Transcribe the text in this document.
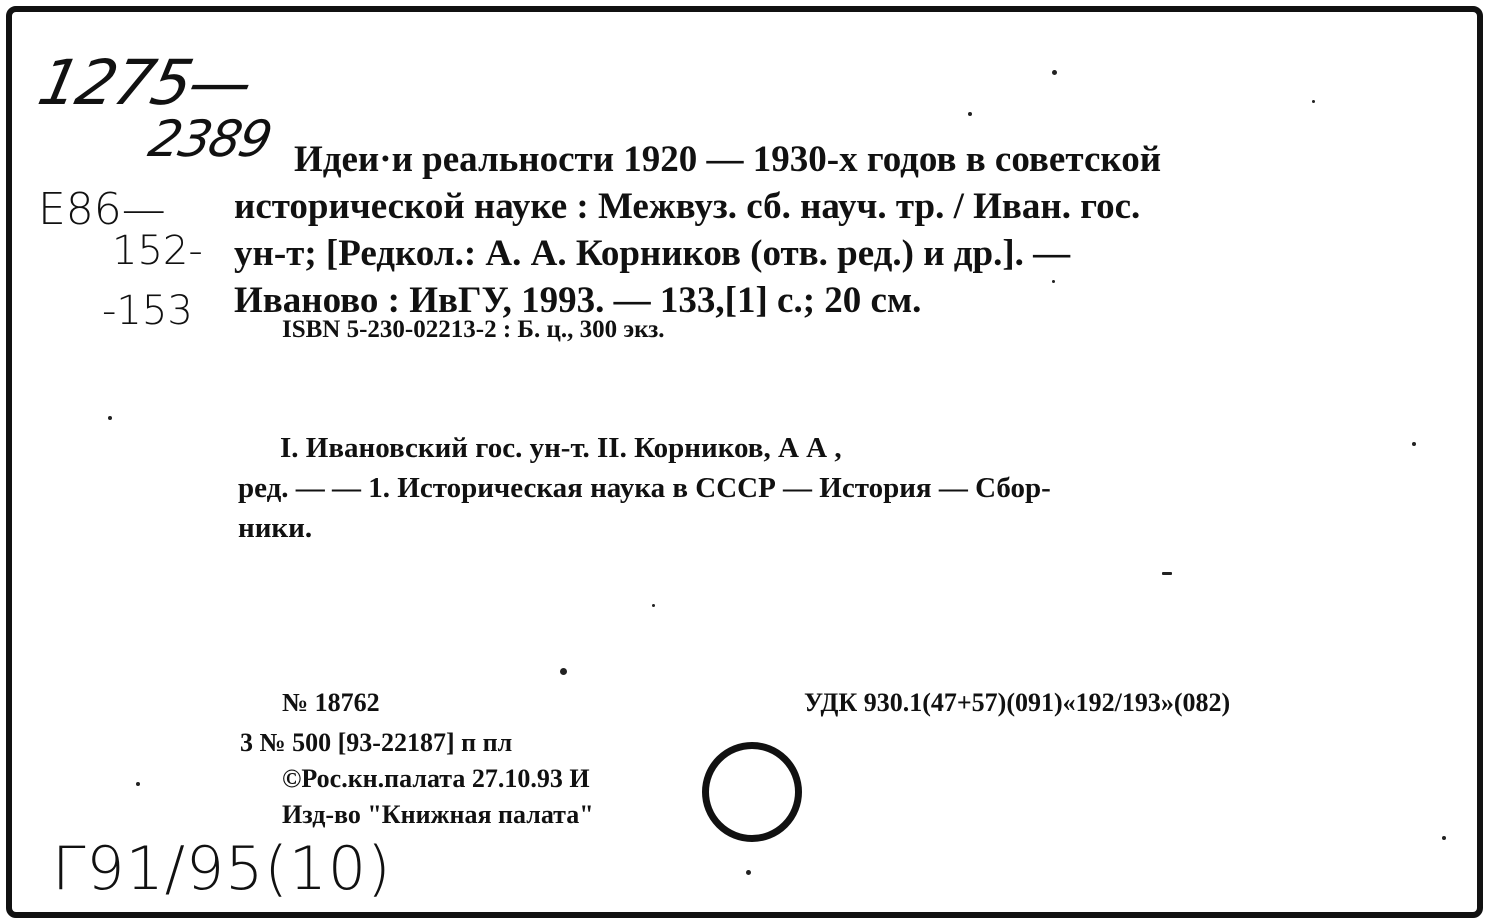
1275—
2389
Е86—
152-
-153
Идеи·и реальности 1920 — 1930-х годов в советской
исторической науке : Межвуз. сб. науч. тр. / Иван. гос.
ун-т; [Редкол.: А. А. Корников (отв. ред.) и др.]. —
Иваново : ИвГУ, 1993. — 133,[1] с.; 20 см.
ISBN 5-230-02213-2 : Б. ц., 300 экз.
I. Ивановский гос. ун-т. II. Корников, А А ,
ред. — — 1. Историческая наука в СССР — История — Сбор-
ники.
№ 18762	УДК 930.1(47+57)(091)«192/193»(082)
3 № 500 [93-22187] п пл
©Рос.кн.палата 27.10.93 И
Изд-во "Книжная палата"
Г91/95(10)
